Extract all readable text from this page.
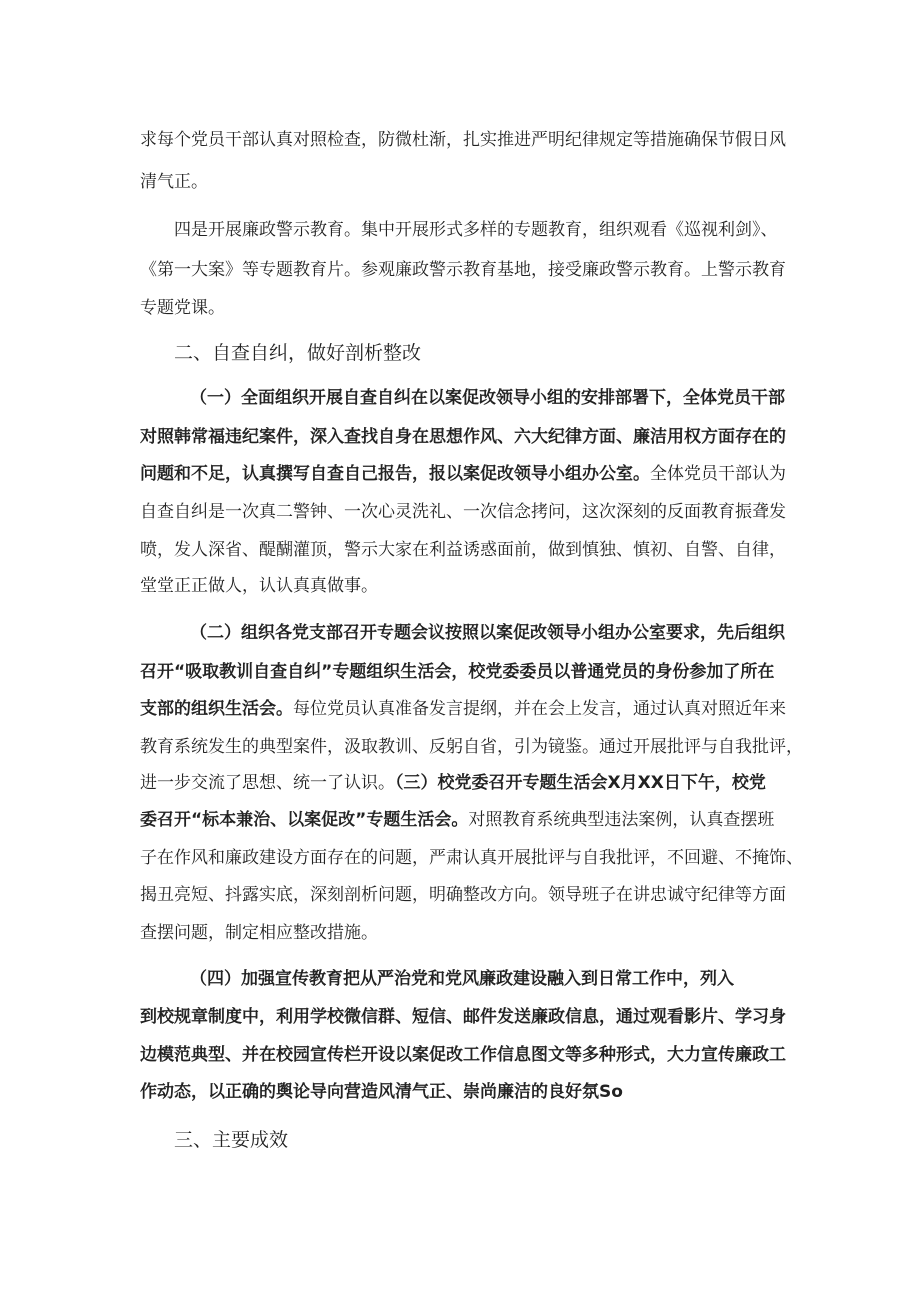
求每个党员干部认真对照检查，防微杜渐，扎实推进严明纪律规定等措施确保节假日风
清气正。
四是开展廉政警示教育。集中开展形式多样的专题教育，组织观看《巡视利剑》、
《第一大案》等专题教育片。参观廉政警示教育基地，接受廉政警示教育。上警示教育
专题党课。
二、自查自纠，做好剖析整改
（一）全面组织开展自查自纠在以案促改领导小组的安排部署下，全体党员干部
对照韩常福违纪案件，深入查找自身在思想作风、六大纪律方面、廉洁用权方面存在的
问题和不足，认真撰写自查自己报告，报以案促改领导小组办公室。全体党员干部认为
自查自纠是一次真二警钟、一次心灵洗礼、一次信念拷问，这次深刻的反面教育振聋发
喷，发人深省、醍醐灌顶，警示大家在利益诱惑面前，做到慎独、慎初、自警、自律，
堂堂正正做人，认认真真做事。
（二）组织各党支部召开专题会议按照以案促改领导小组办公室要求，先后组织
召开“吸取教训自查自纠”专题组织生活会，校党委委员以普通党员的身份参加了所在
支部的组织生活会。每位党员认真准备发言提纲，并在会上发言，通过认真对照近年来
教育系统发生的典型案件，汲取教训、反躬自省，引为镜鉴。通过开展批评与自我批评，
进一步交流了思想、统一了认识。（三）校党委召开专题生活会X月XX日下午，校党
委召开“标本兼治、以案促改”专题生活会。对照教育系统典型违法案例，认真查摆班
子在作风和廉政建设方面存在的问题，严肃认真开展批评与自我批评，不回避、不掩饰、
揭丑亮短、抖露实底，深刻剖析问题，明确整改方向。领导班子在讲忠诚守纪律等方面
查摆问题，制定相应整改措施。
（四）加强宣传教育把从严治党和党风廉政建设融入到日常工作中，列入
到校规章制度中，利用学校微信群、短信、邮件发送廉政信息，通过观看影片、学习身
边模范典型、并在校园宣传栏开设以案促改工作信息图文等多种形式，大力宣传廉政工
作动态，以正确的舆论导向营造风清气正、崇尚廉洁的良好氛So
三、主要成效
